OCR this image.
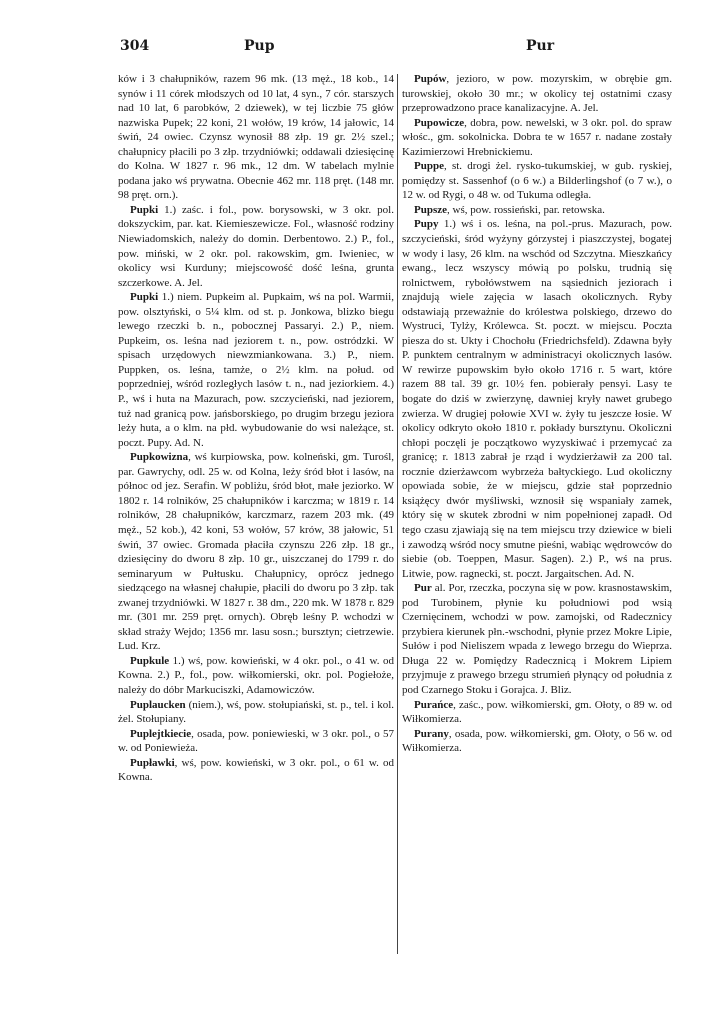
304	Pup	Pur

ków i 3 chałupników, razem 96 mk. (13 męż., 18 kob., 14 synów i 11 córek młodszych od 10 lat, 4 syn., 7 cór. starszych nad 10 lat, 6 parobków, 2 dziewek), w tej liczbie 75 głów nazwiska Pupek; 22 koni, 21 wołów, 19 krów, 14 jałowic, 14 świń, 24 owiec. Czynsz wynosił 88 złp. 19 gr. 2½ szel.; chałupnicy płacili po 3 złp. trzydniówki; oddawali dziesięcinę do Kolna. W 1827 r. 96 mk., 12 dm. W tabelach mylnie podana jako wś prywatna. Obecnie 462 mr. 118 pręt. (148 mr. 98 pręt. orn.).

Pupki 1.) zaśc. i fol., pow. borysowski, w 3 okr. pol. dokszyckim, par. kat. Kiemieszewicze. Fol., własność rodziny Niewiadomskich, należy do domin. Derbentowo. 2.) P., fol., pow. miński, w 2 okr. pol. rakowskim, gm. Iwieniec, w okolicy wsi Kurduny; miejscowość dość leśna, grunta szczerkowe. A. Jel.

Pupki 1.) niem. Pupkeim al. Pupkaim, wś na pol. Warmii, pow. olsztyński, o 5¼ klm. od st. p. Jonkowa, blizko biegu lewego rzeczki b. n., pobocznej Passaryi. 2.) P., niem. Pupkeim, os. leśna nad jeziorem t. n., pow. ostródzki. W spisach urzędowych niewzmiankowana. 3.) P., niem. Puppken, os. leśna, tamże, o 2½ klm. na połud. od poprzedniej, wśród rozległych lasów t. n., nad jeziorkiem. 4.) P., wś i huta na Mazurach, pow. szczycieński, nad jeziorem, tuż nad granicą pow. jańsborskiego, po drugim brzegu jeziora leży huta, a o klm. na płd. wybudowanie do wsi należące, st. poczt. Pupy. Ad. N.

Pupkowizna, wś kurpiowska, pow. kolneński, gm. Turośl, par. Gawrychy, odl. 25 w. od Kolna, leży śród błot i lasów, na północ od jez. Serafin. W pobliżu, śród błot, małe jeziorko. W 1802 r. 14 rolników, 25 chałupników i karczma; w 1819 r. 14 rolników, 28 chałupników, karczmarz, razem 203 mk. (49 męż., 52 kob.), 42 koni, 53 wołów, 57 krów, 38 jałowic, 51 świń, 37 owiec. Gromada płaciła czynszu 226 złp. 18 gr., dziesięciny do dworu 8 złp. 10 gr., uiszczanej do 1799 r. do seminaryum w Pułtusku. Chałupnicy, oprócz jednego siedzącego na własnej chałupie, płacili do dworu po 3 złp. tak zwanej trzydniówki. W 1827 r. 38 dm., 220 mk. W 1878 r. 829 mr. (301 mr. 259 pręt. ornych). Obręb leśny P. wchodzi w skład straży Wejdo; 1356 mr. lasu sosn.; bursztyn; cietrzewie. Lud. Krz.

Pupkule 1.) wś, pow. kowieński, w 4 okr. pol., o 41 w. od Kowna. 2.) P., fol., pow. wiłkomierski, okr. pol. Pogiełoże, należy do dóbr Markuciszki, Adamowiczów.

Puplaucken (niem.), wś, pow. stołupiański, st. p., tel. i kol. żel. Stołupiany.

Puplejtkiecie, osada, pow. poniewieski, w 3 okr. pol., o 57 w. od Poniewieża.

Pupławki, wś, pow. kowieński, w 3 okr. pol., o 61 w. od Kowna.

Pupów, jezioro, w pow. mozyrskim, w obrębie gm. turowskiej, około 30 mr.; w okolicy tej ostatnimi czasy przeprowadzono prace kanalizacyjne. A. Jel.

Pupowicze, dobra, pow. newelski, w 3 okr. pol. do spraw włośc., gm. sokolnicka. Dobra te w 1657 r. nadane zostały Kazimierzowi Hrebnickiemu.

Puppe, st. drogi żel. rysko-tukumskiej, w gub. ryskiej, pomiędzy st. Sassenhof (o 6 w.) a Bilderlingshof (o 7 w.), o 12 w. od Rygi, o 48 w. od Tukuma odległa.

Pupsze, wś, pow. rossieński, par. retowska.

Pupy 1.) wś i os. leśna, na pol.-prus. Mazurach, pow. szczycieński, śród wyżyny górzystej i piaszczystej, bogatej w wody i lasy, 26 klm. na wschód od Szczytna. Mieszkańcy ewang., lecz wszyscy mówią po polsku, trudnią się rolnictwem, rybołówstwem na sąsiednich jeziorach i znajdują wiele zajęcia w lasach okolicznych. Ryby odstawiają przeważnie do królestwa polskiego, drzewo do Wystruci, Tylży, Królewca. St. poczt. w miejscu. Poczta piesza do st. Ukty i Chochołu (Friedrichsfeld). Zdawna były P. punktem centralnym w administracyi okolicznych lasów. W rewirze pupowskim było około 1716 r. 5 wart, które razem 88 tal. 39 gr. 10½ fen. pobierały pensyi. Lasy te bogate do dziś w zwierzynę, dawniej kryły nawet grubego zwierza. W drugiej połowie XVI w. żyły tu jeszcze łosie. W okolicy odkryto około 1810 r. pokłady bursztynu. Okoliczni chłopi poczęli je początkowo wyzyskiwać i przemycać za granicę; r. 1813 zabrał je rząd i wydzierżawił za 200 tal. rocznie dzierżawcom wybrzeża bałtyckiego. Lud okoliczny opowiada sobie, że w miejscu, gdzie stał poprzednio książęcy dwór myśliwski, wznosił się wspaniały zamek, który się w skutek zbrodni w nim popełnionej zapadł. Od tego czasu zjawiają się na tem miejscu trzy dziewice w bieli i zawodzą wśród nocy smutne pieśni, wabiąc wędrowców do siebie (ob. Toeppen, Masur. Sagen). 2.) P., wś na prus. Litwie, pow. ragnecki, st. poczt. Jargaitschen. Ad. N.

Pur al. Por, rzeczka, poczyna się w pow. krasnostawskim, pod Turobinem, płynie ku południowi pod wsią Czernięcinem, wchodzi w pow. zamojski, od Radecznicy przybiera kierunek płn.-wschodni, płynie przez Mokre Lipie, Sułów i pod Nieliszem wpada z lewego brzegu do Wieprza. Długa 22 w. Pomiędzy Radecznicą i Mokrem Lipiem przyjmuje z prawego brzegu strumień płynący od południa z pod Czarnego Stoku i Gorajca. J. Bliz.

Purańce, zaśc., pow. wiłkomierski, gm. Ołoty, o 89 w. od Wiłkomierza.

Purany, osada, pow. wiłkomierski, gm. Ołoty, o 56 w. od Wiłkomierza.
